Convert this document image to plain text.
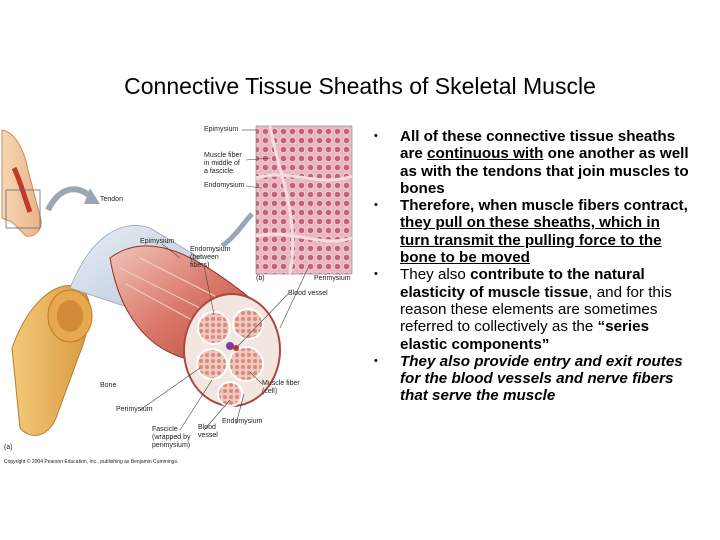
Connective Tissue Sheaths of Skeletal Muscle
Epimysium
Muscle fiber
in middle of
a fascicle
Endomysium
Tendon
Epimysium
Endomysium
(between
fibers)
(b)	Perimysium
Blood vessel
Bone
Perimysium
Muscle fiber
(cell)
Fascicle
(wrapped by
perimysium)
Blood
vessel
Endomysium
(a)
Copyright © 2004 Pearson Education, Inc., publishing as Benjamin Cummings.
• All of these connective tissue sheaths are continuous with one another as well as with the tendons that join muscles to bones
• Therefore, when muscle fibers contract, they pull on these sheaths, which in turn transmit the pulling force to the bone to be moved
• They also contribute to the natural elasticity of muscle tissue, and for this reason these elements are sometimes referred to collectively as the “series elastic components”
• They also provide entry and exit routes for the blood vessels and nerve fibers that serve the muscle
